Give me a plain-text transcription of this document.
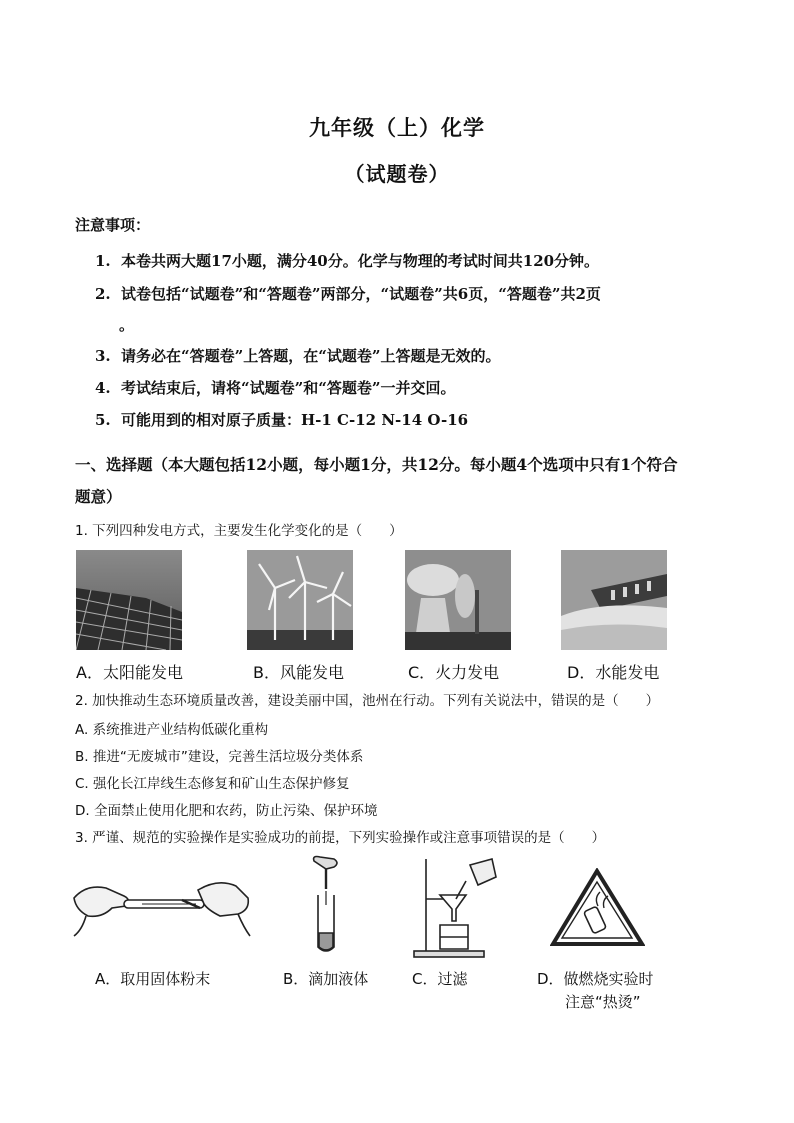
九年级（上）化学
（试题卷）
注意事项：
1. 本卷共两大题17小题，满分40分。化学与物理的考试时间共120分钟。
2. 试卷包括“试题卷”和“答题卷”两部分，“试题卷”共6页，“答题卷”共2页
。
3. 请务必在“答题卷”上答题，在“试题卷”上答题是无效的。
4. 考试结束后，请将“试题卷”和“答题卷”一并交回。
5. 可能用到的相对原子质量：H-1 C-12 N-14 O-16
一、选择题（本大题包括12小题，每小题1分，共12分。每小题4个选项中只有1个符合
题意）
1. 下列四种发电方式，主要发生化学变化的是（　　）
A．太阳能发电	B．风能发电	C．火力发电	D．水能发电
2. 加快推动生态环境质量改善，建设美丽中国，池州在行动。下列有关说法中，错误的是（　　）
A. 系统推进产业结构低碳化重构
B. 推进“无废城市”建设，完善生活垃圾分类体系
C. 强化长江岸线生态修复和矿山生态保护修复
D. 全面禁止使用化肥和农药，防止污染、保护环境
3. 严谨、规范的实验操作是实验成功的前提，下列实验操作或注意事项错误的是（　　）
A．取用固体粉末	B．滴加液体	C．过滤	D．做燃烧实验时
注意“热烫”
